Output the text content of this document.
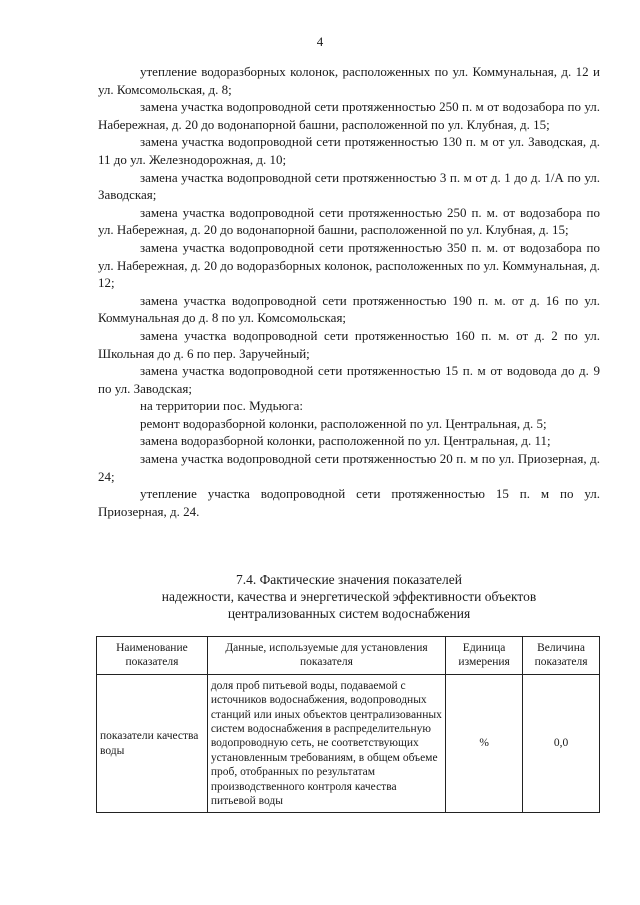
4

утепление водоразборных колонок, расположенных по ул. Коммунальная, д. 12 и ул. Комсомольская, д. 8;

замена участка водопроводной сети протяженностью 250 п. м от водозабора по ул. Набережная, д. 20 до водонапорной башни, расположенной по ул. Клубная, д. 15;

замена участка водопроводной сети протяженностью 130 п. м от ул. Заводская, д. 11 до ул. Железнодорожная, д. 10;

замена участка водопроводной сети протяженностью 3 п. м от д. 1 до д. 1/А по ул. Заводская;

замена участка водопроводной сети протяженностью 250 п. м. от водозабора по ул. Набережная, д. 20 до водонапорной башни, расположенной по ул. Клубная, д. 15;

замена участка водопроводной сети протяженностью 350 п. м. от водозабора по ул. Набережная, д. 20 до водоразборных колонок, расположенных по ул. Коммунальная, д. 12;

замена участка водопроводной сети протяженностью 190 п. м. от д. 16 по ул. Коммунальная до д. 8 по ул. Комсомольская;

замена участка водопроводной сети протяженностью 160 п. м. от д. 2 по ул. Школьная до д. 6 по пер. Заручейный;

замена участка водопроводной сети протяженностью 15 п. м от водовода до д. 9 по ул. Заводская;

на территории пос. Мудьюга:

ремонт водоразборной колонки, расположенной по ул. Центральная, д. 5;

замена водоразборной колонки, расположенной по ул. Центральная, д. 11;

замена участка водопроводной сети протяженностью 20 п. м по ул. Приозерная, д. 24;

утепление участка водопроводной сети протяженностью 15 п. м по ул. Приозерная, д. 24.

7.4. Фактические значения показателей
надежности, качества и энергетической эффективности объектов
централизованных систем водоснабжения
Наименование показателя	Данные, используемые для установления показателя	Единица измерения	Величина показателя
показатели качества воды	доля проб питьевой воды, подаваемой с источников водоснабжения, водопроводных станций или иных объектов централизованных систем водоснабжения в распределительную водопроводную сеть, не соответствующих установленным требованиям, в общем объеме проб, отобранных по результатам производственного контроля качества питьевой воды	%	0,0
